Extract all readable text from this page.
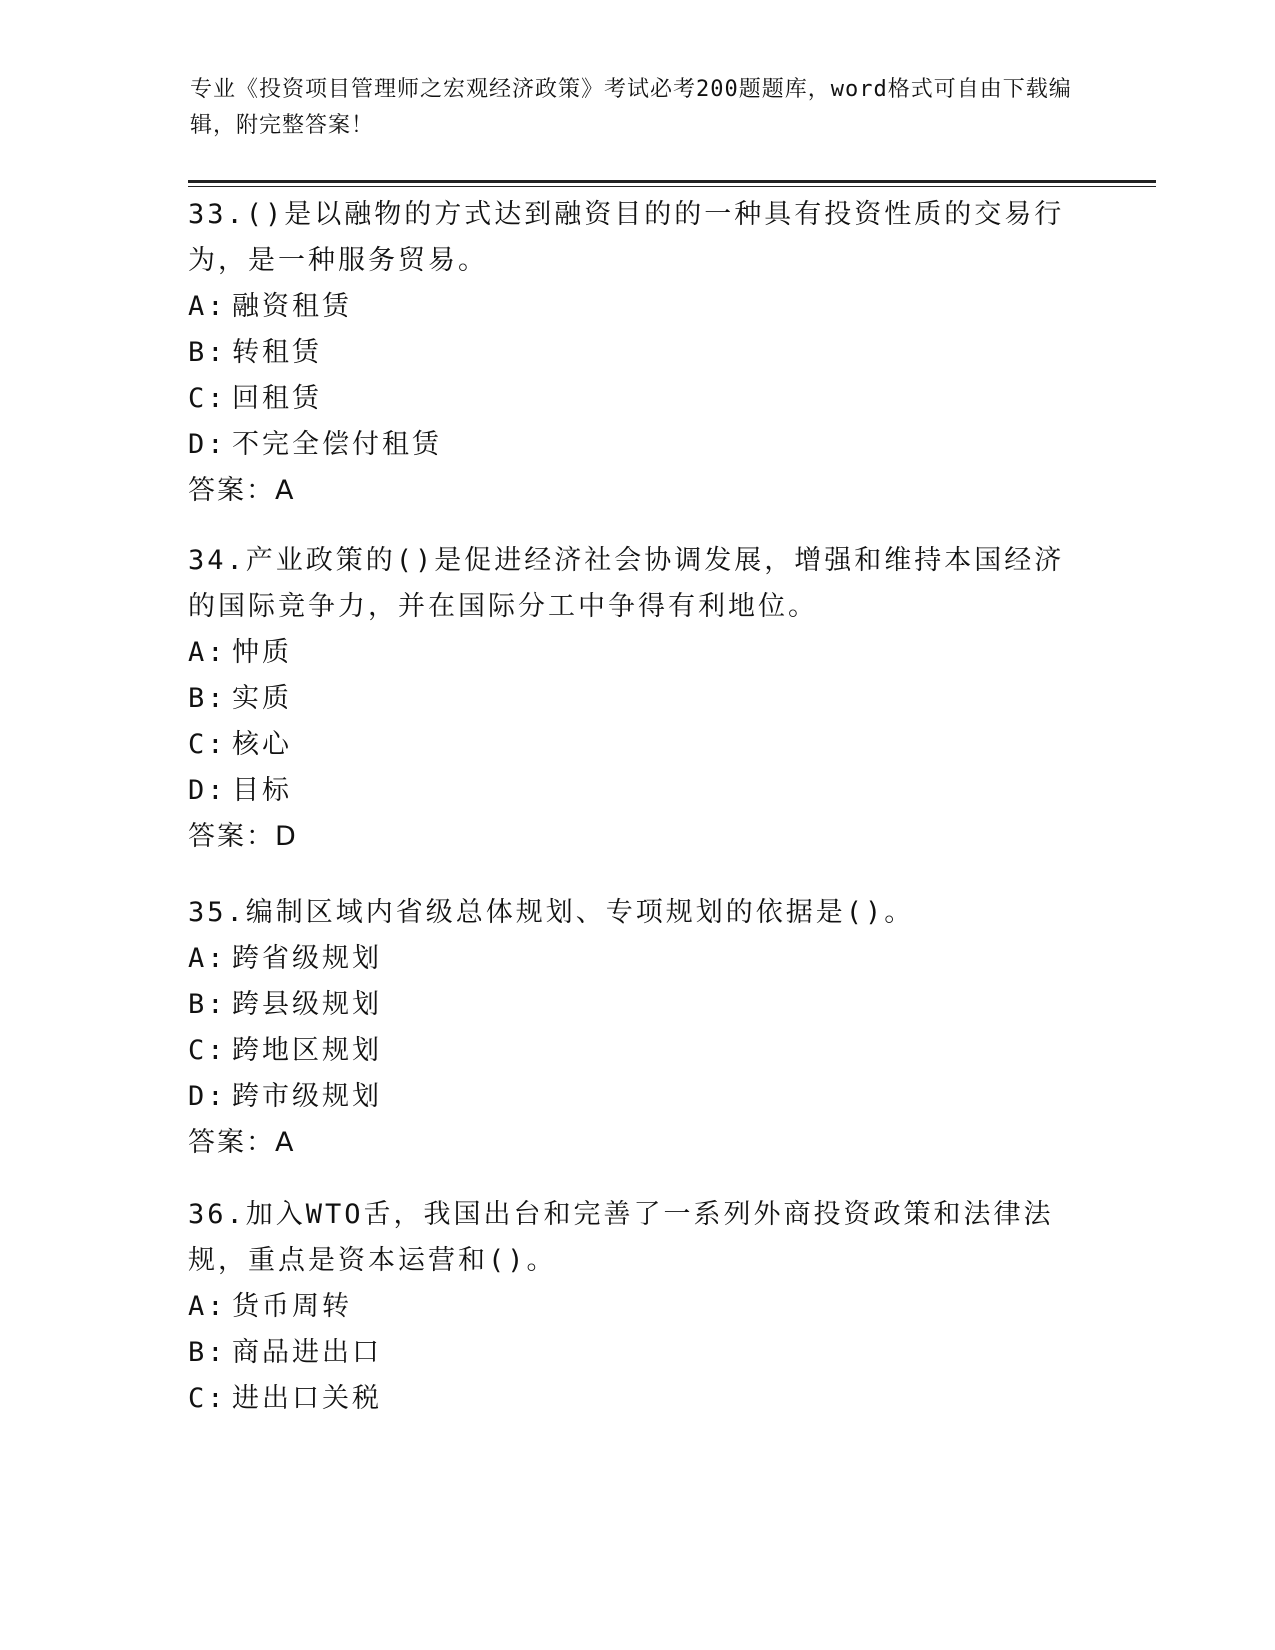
专业《投资项目管理师之宏观经济政策》考试必考200题题库，word格式可自由下载编辑，附完整答案！

33.()是以融物的方式达到融资目的的一种具有投资性质的交易行为，是一种服务贸易。

A: 融资租赁
B: 转租赁
C: 回租赁
D: 不完全偿付租赁
答案：A

34.产业政策的()是促进经济社会协调发展，增强和维持本国经济的国际竞争力，并在国际分工中争得有利地位。

A: 忡质
B: 实质
C: 核心
D: 目标
答案：D

35.编制区域内省级总体规划、专项规划的依据是()。

A: 跨省级规划
B: 跨县级规划
C: 跨地区规划
D: 跨市级规划
答案：A

36.加入WTO舌，我国出台和完善了一系列外商投资政策和法律法规，重点是资本运营和()。

A: 货币周转
B: 商品进出口
C: 进出口关税
